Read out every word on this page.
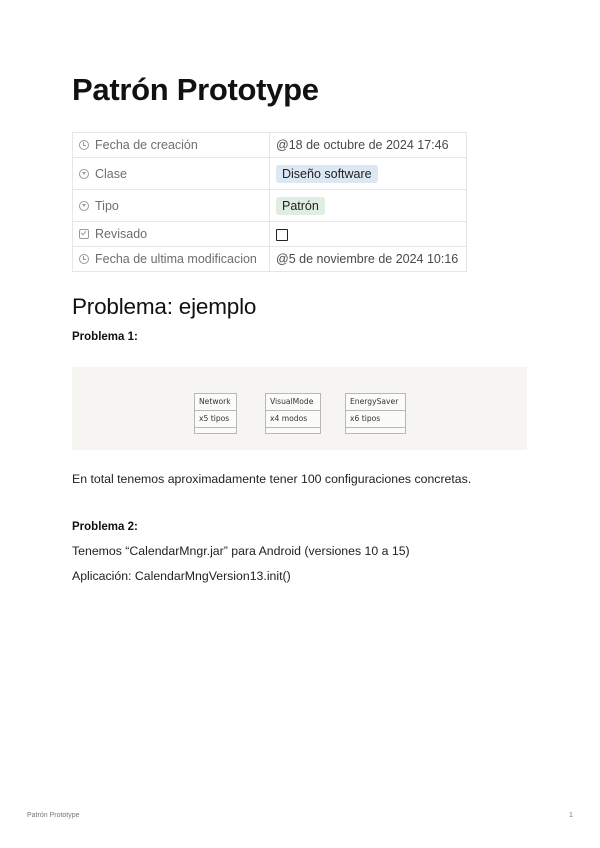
Patrón Prototype
Fecha de creación	@18 de octubre de 2024 17:46

Clase	Diseño software

Tipo	Patrón

Revisado	

Fecha de ultima modificacion	@5 de noviembre de 2024 10:16
Problema: ejemplo
Problema 1:
Network
x5 tipos
VisualMode
x4 modos
EnergySaver
x6 tipos
En total tenemos aproximadamente tener 100 configuraciones concretas.
Problema 2:
Tenemos “CalendarMngr.jar” para Android (versiones 10 a 15)
Aplicación: CalendarMngVersion13.init()
Patrón Prototype	1
